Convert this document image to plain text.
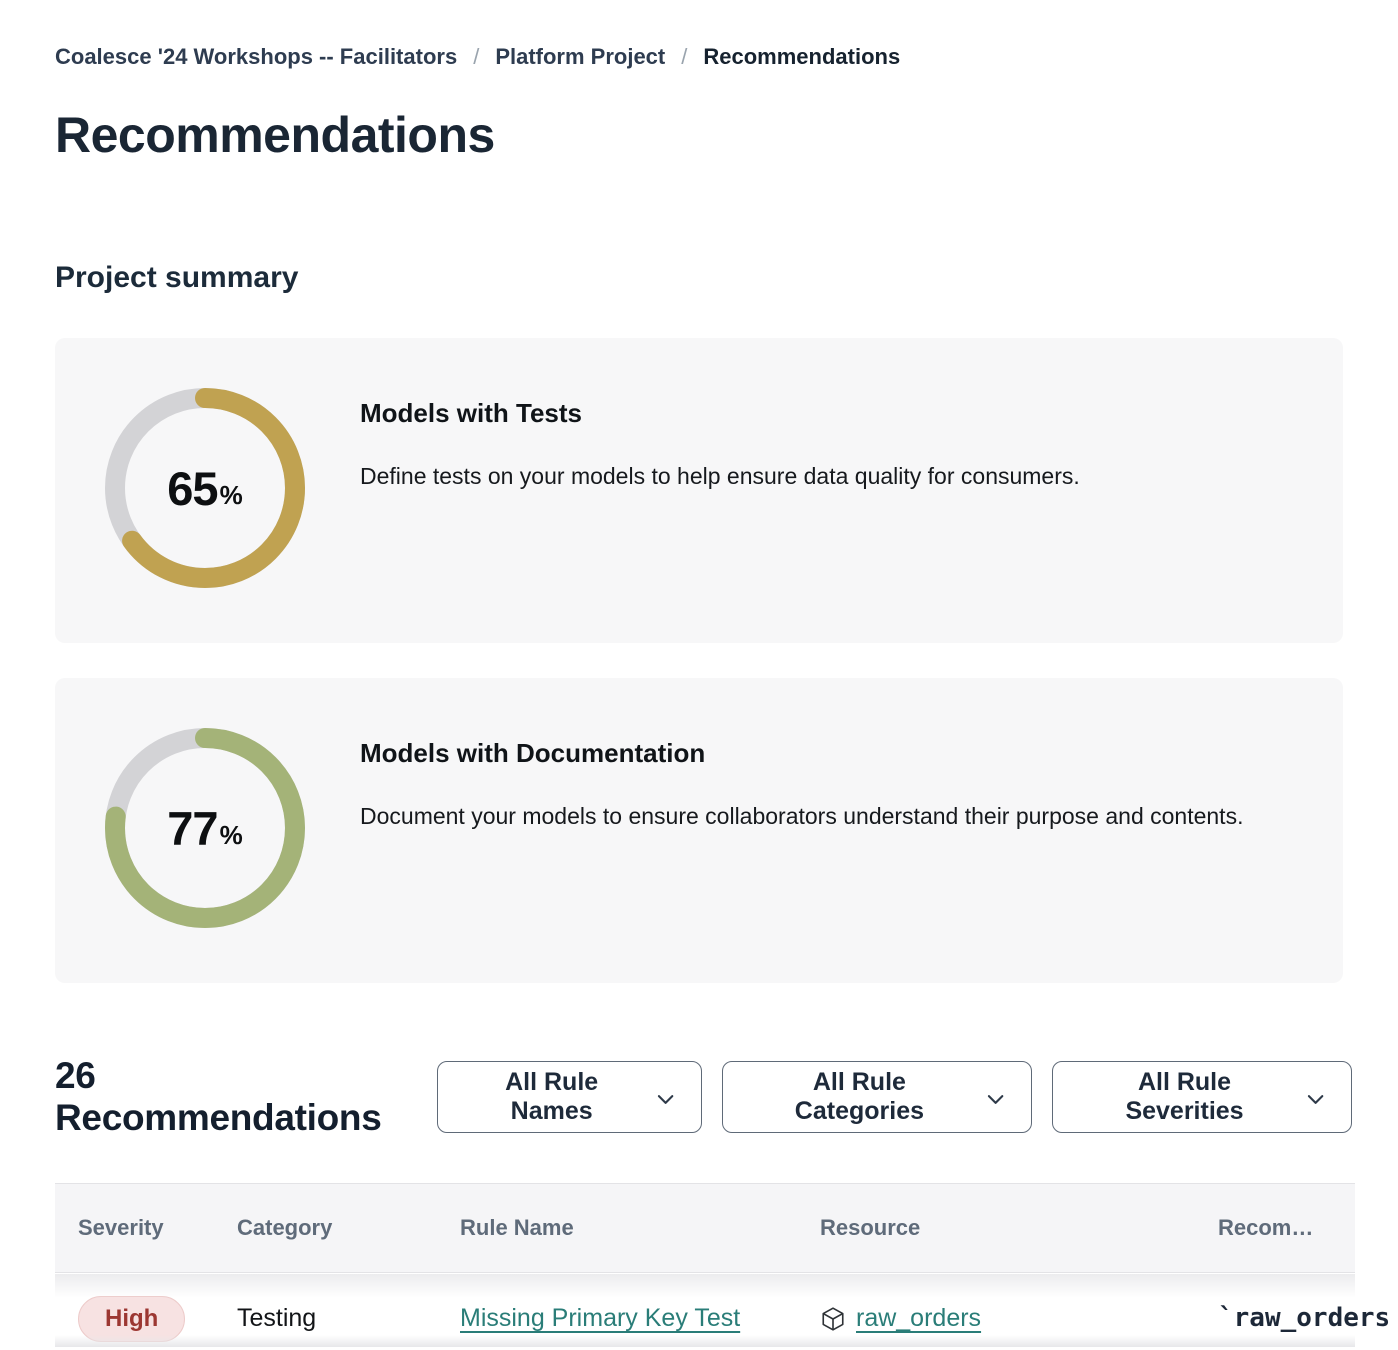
Coalesce '24 Workshops -- Facilitators / Platform Project / Recommendations
Recommendations
Project summary
65 %
Models with Tests

Define tests on your models to help ensure data quality for consumers.

77 %
Models with Documentation

Document your models to ensure collaborators understand their purpose and contents.

26 Recommendations
All Rule Names
All Rule Categories
All Rule Severities
Severity	Category	Rule Name	Resource	Recom…
High	Testing	Missing Primary Key Test	raw_orders	`raw_orders
